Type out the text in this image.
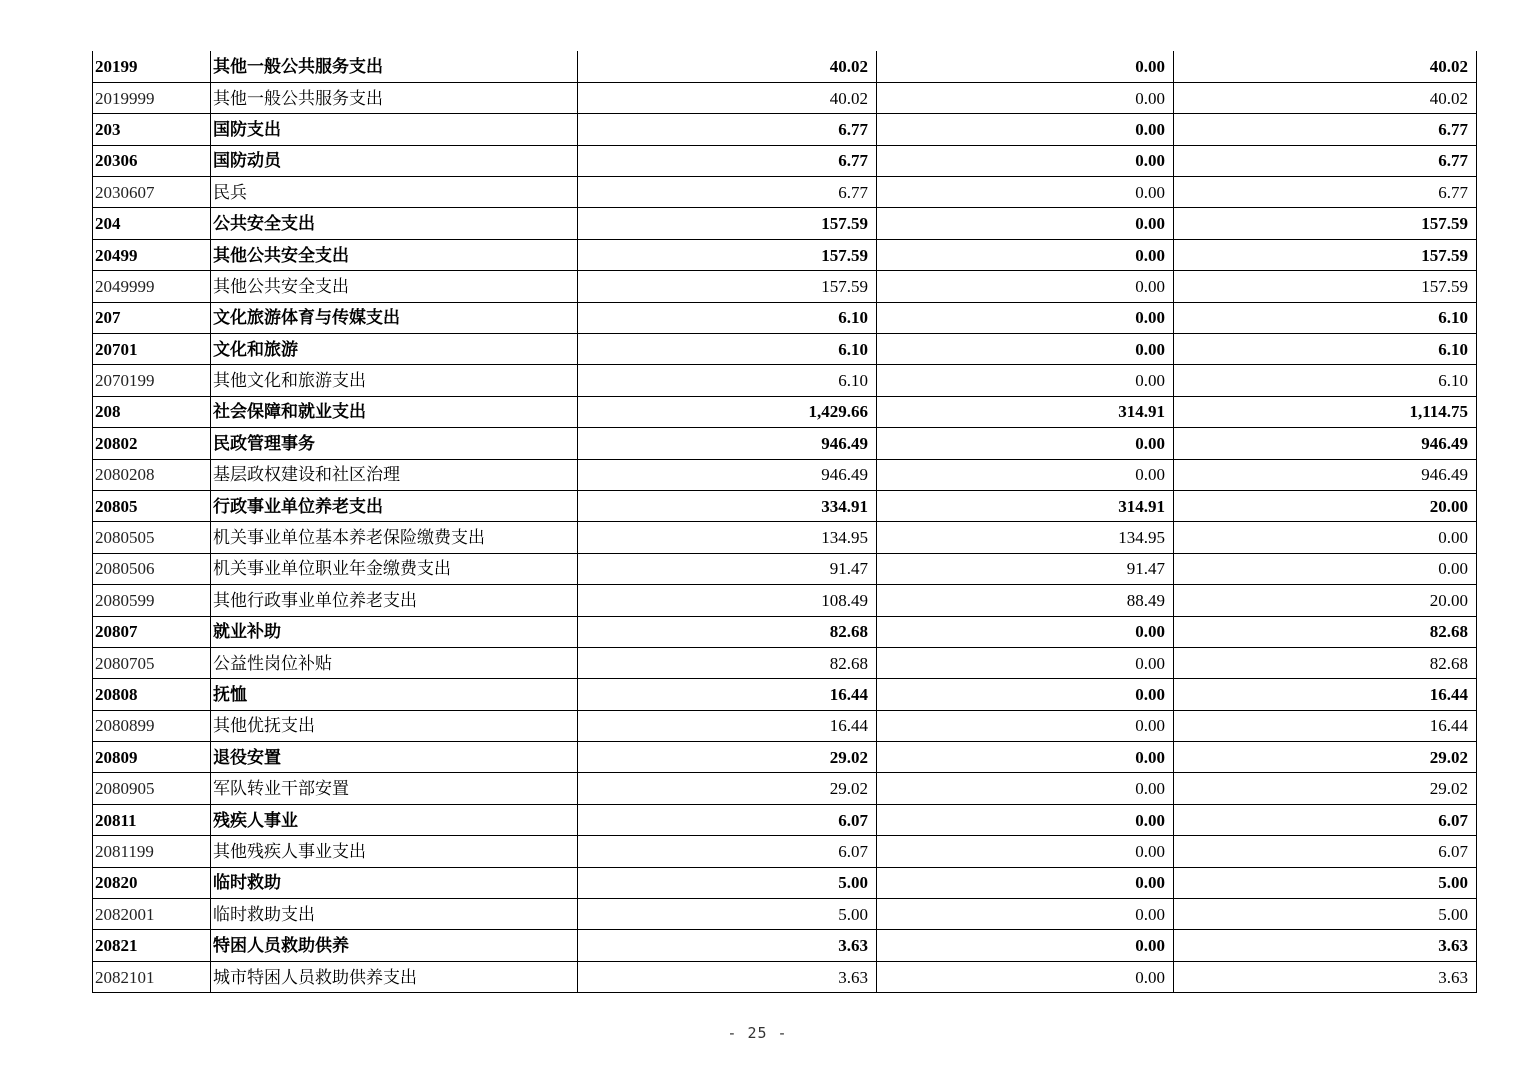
20199	其他一般公共服务支出	40.02	0.00	40.02
2019999	其他一般公共服务支出	40.02	0.00	40.02
203	国防支出	6.77	0.00	6.77
20306	国防动员	6.77	0.00	6.77
2030607	民兵	6.77	0.00	6.77
204	公共安全支出	157.59	0.00	157.59
20499	其他公共安全支出	157.59	0.00	157.59
2049999	其他公共安全支出	157.59	0.00	157.59
207	文化旅游体育与传媒支出	6.10	0.00	6.10
20701	文化和旅游	6.10	0.00	6.10
2070199	其他文化和旅游支出	6.10	0.00	6.10
208	社会保障和就业支出	1,429.66	314.91	1,114.75
20802	民政管理事务	946.49	0.00	946.49
2080208	基层政权建设和社区治理	946.49	0.00	946.49
20805	行政事业单位养老支出	334.91	314.91	20.00
2080505	机关事业单位基本养老保险缴费支出	134.95	134.95	0.00
2080506	机关事业单位职业年金缴费支出	91.47	91.47	0.00
2080599	其他行政事业单位养老支出	108.49	88.49	20.00
20807	就业补助	82.68	0.00	82.68
2080705	公益性岗位补贴	82.68	0.00	82.68
20808	抚恤	16.44	0.00	16.44
2080899	其他优抚支出	16.44	0.00	16.44
20809	退役安置	29.02	0.00	29.02
2080905	军队转业干部安置	29.02	0.00	29.02
20811	残疾人事业	6.07	0.00	6.07
2081199	其他残疾人事业支出	6.07	0.00	6.07
20820	临时救助	5.00	0.00	5.00
2082001	临时救助支出	5.00	0.00	5.00
20821	特困人员救助供养	3.63	0.00	3.63
2082101	城市特困人员救助供养支出	3.63	0.00	3.63
- 25 -
